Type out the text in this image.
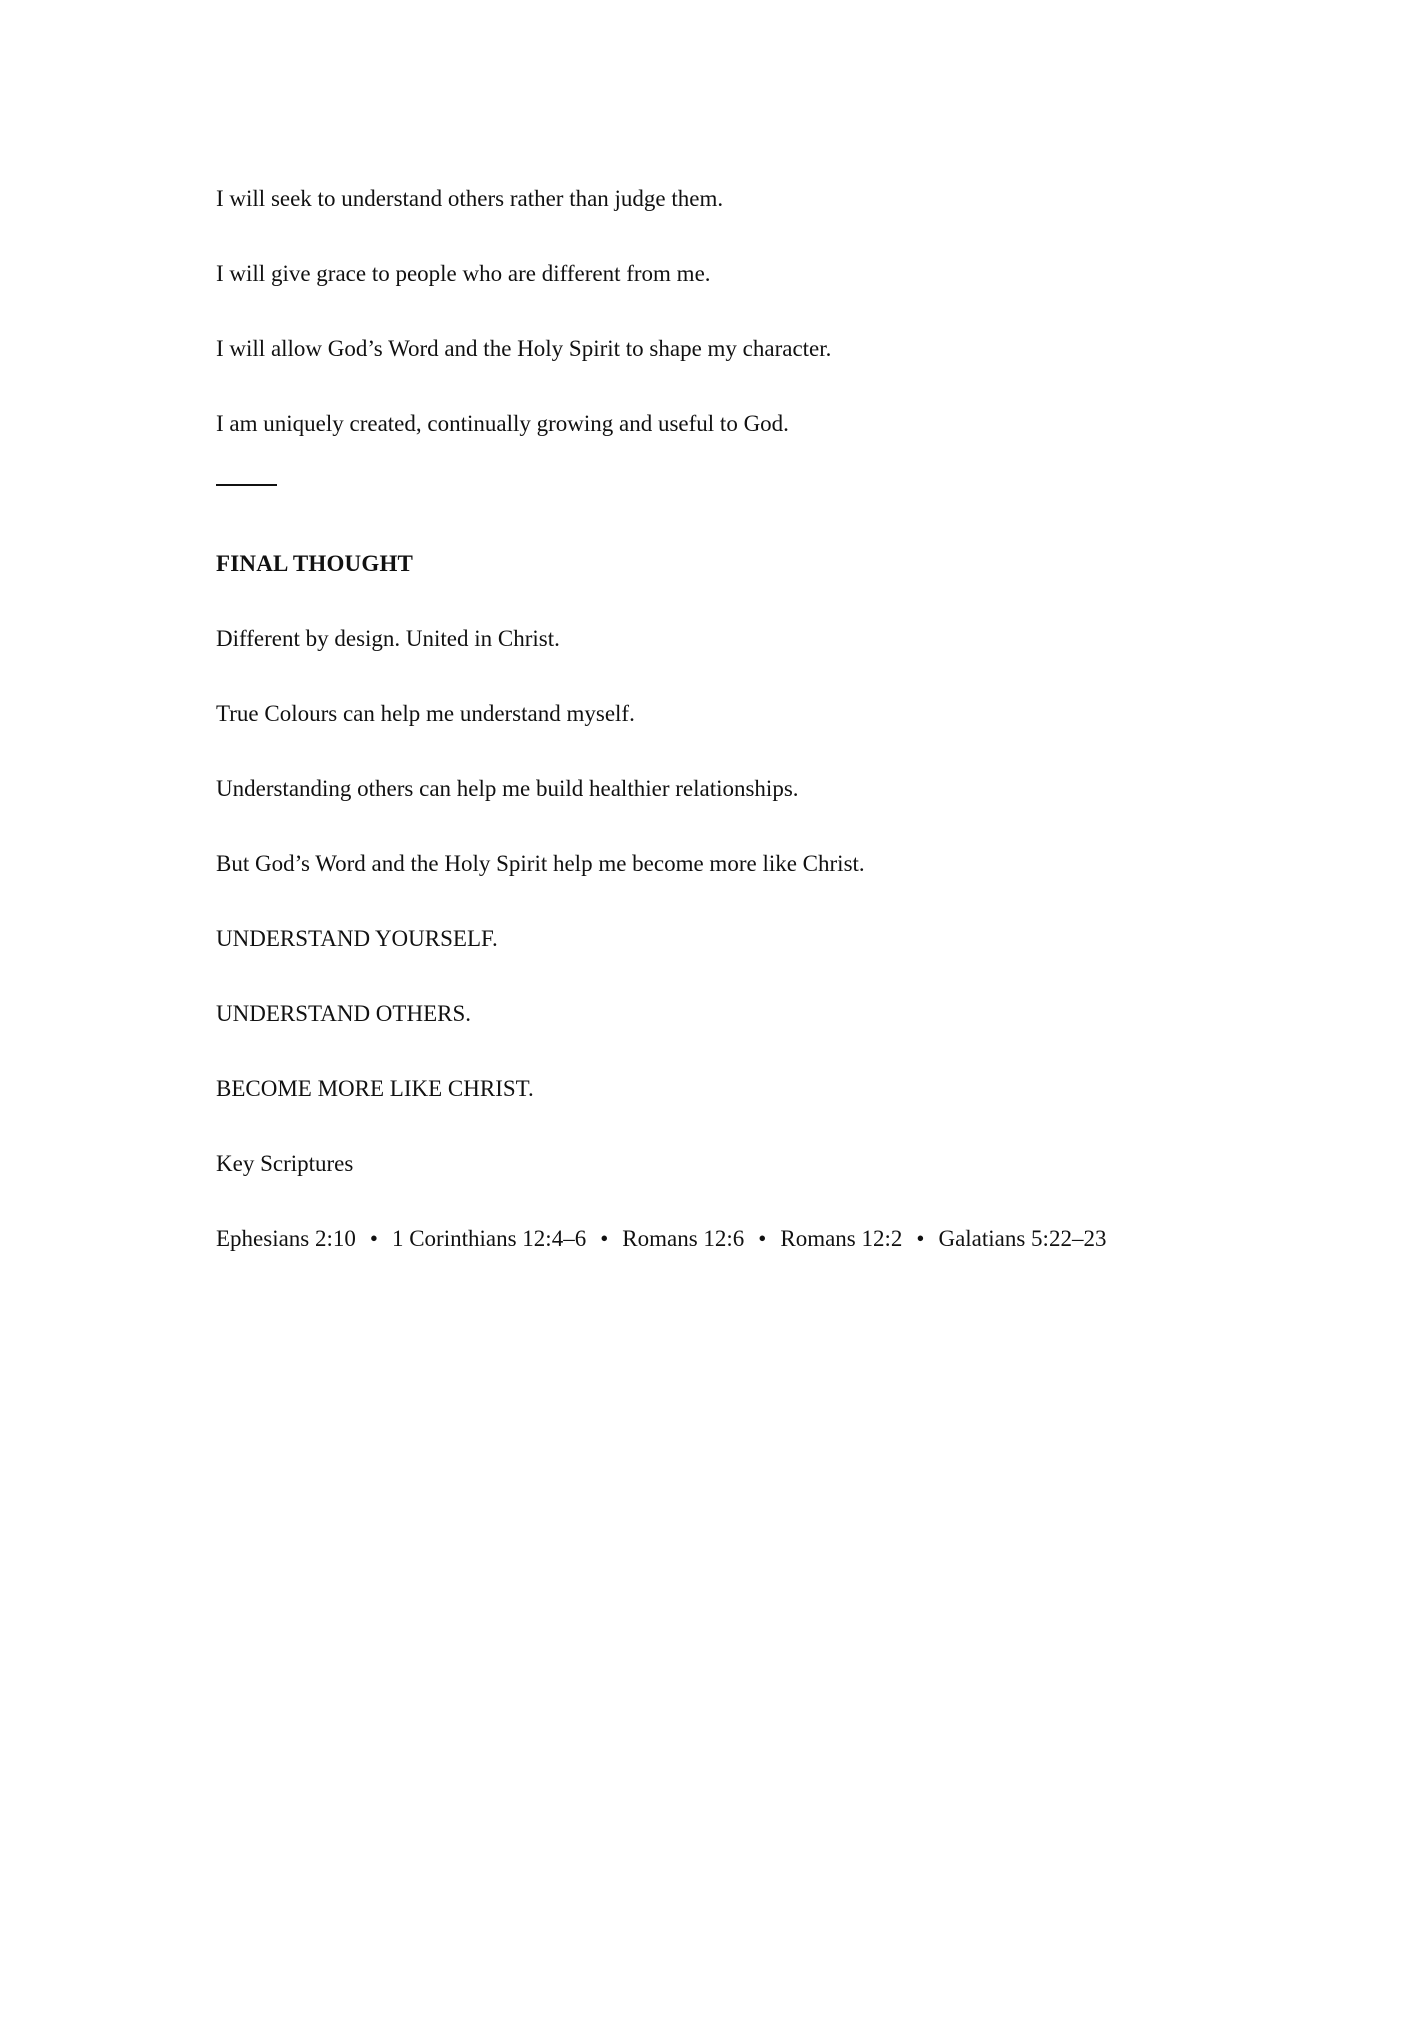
I will seek to understand others rather than judge them.

I will give grace to people who are different from me.

I will allow God’s Word and the Holy Spirit to shape my character.

I am uniquely created, continually growing and useful to God.

FINAL THOUGHT

Different by design. United in Christ.

True Colours can help me understand myself.

Understanding others can help me build healthier relationships.

But God’s Word and the Holy Spirit help me become more like Christ.

UNDERSTAND YOURSELF.

UNDERSTAND OTHERS.

BECOME MORE LIKE CHRIST.

Key Scriptures

Ephesians 2:10 • 1 Corinthians 12:4–6 • Romans 12:6 • Romans 12:2 • Galatians 5:22–23
